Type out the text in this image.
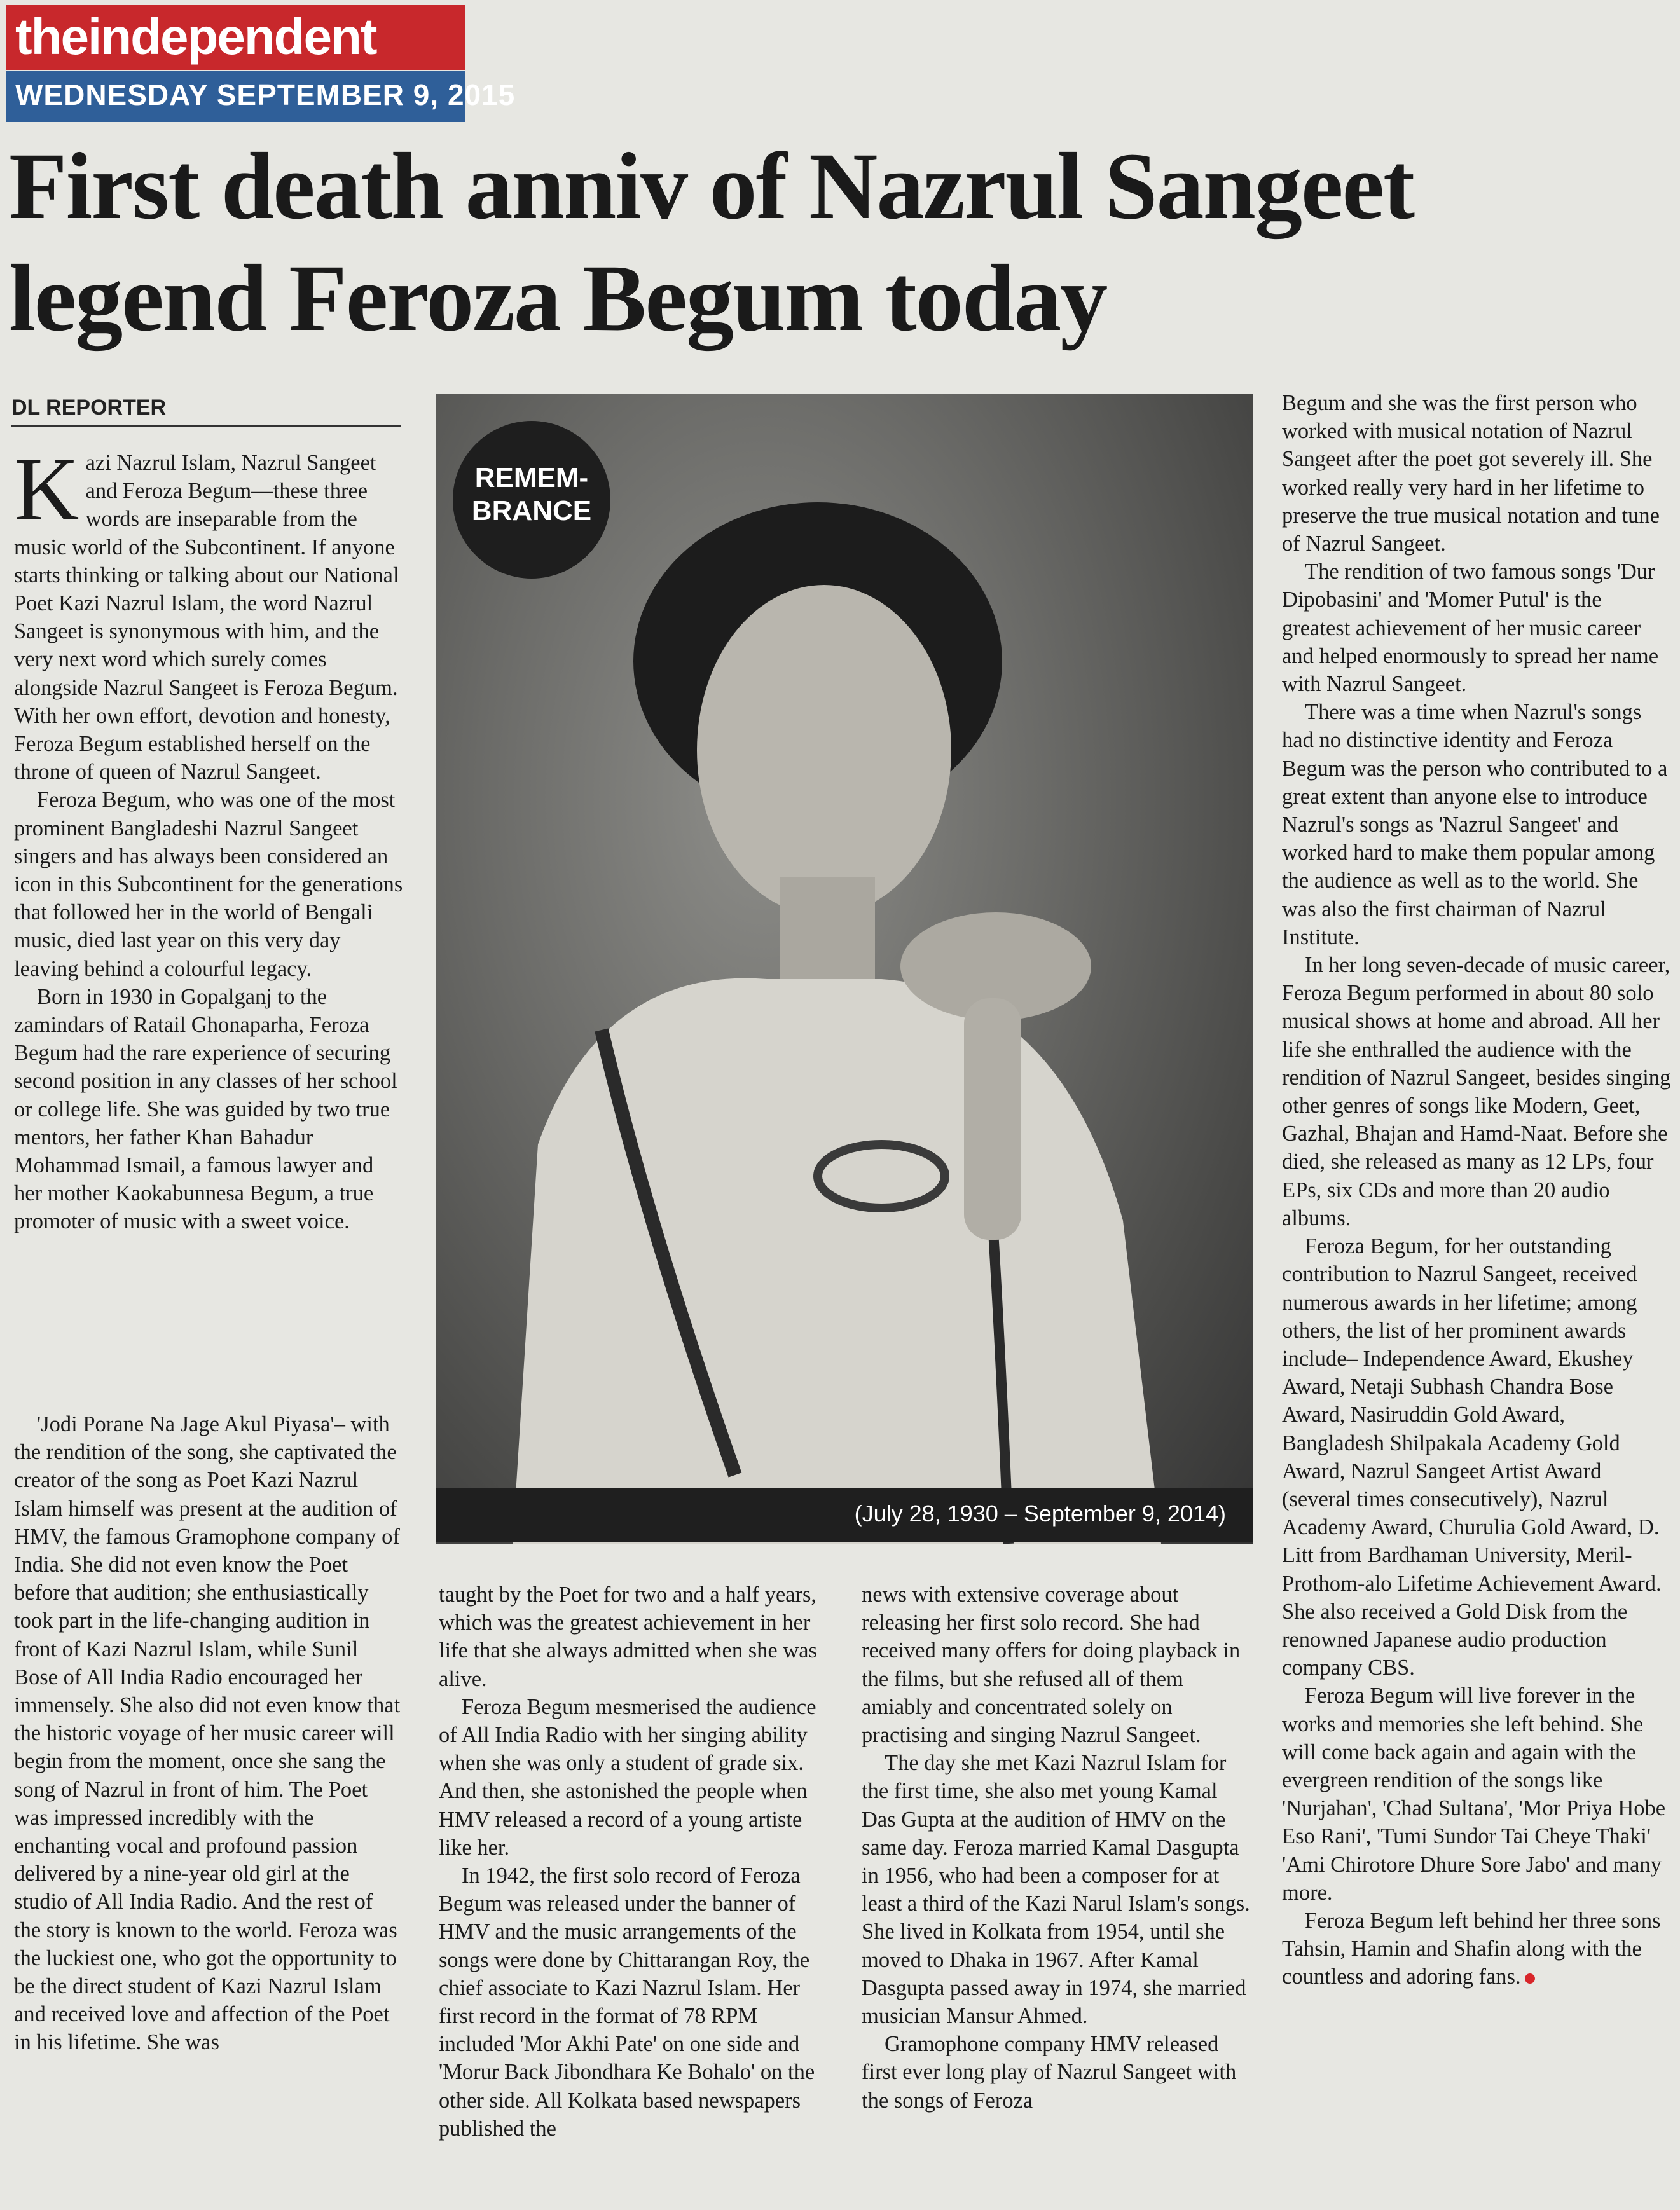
theindependent
WEDNESDAY SEPTEMBER 9, 2015
First death anniv of Nazrul Sangeet
legend Feroza Begum today
DL REPORTER

Kazi Nazrul Islam, Nazrul Sangeet and Feroza Begum—these three words are inseparable from the music world of the Subcontinent. If anyone starts thinking or talking about our National Poet Kazi Nazrul Islam, the word Nazrul Sangeet is synonymous with him, and the very next word which surely comes alongside Nazrul Sangeet is Feroza Begum. With her own effort, devotion and honesty, Feroza Begum established herself on the throne of queen of Nazrul Sangeet.

Feroza Begum, who was one of the most prominent Bangladeshi Nazrul Sangeet singers and has always been considered an icon in this Subcontinent for the generations that followed her in the world of Bengali music, died last year on this very day leaving behind a colourful legacy.

Born in 1930 in Gopalganj to the zamindars of Ratail Ghonaparha, Feroza Begum had the rare experience of securing second position in any classes of her school or college life. She was guided by two true mentors, her father Khan Bahadur Mohammad Ismail, a famous lawyer and her mother Kaokabunnesa Begum, a true promoter of music with a sweet voice.

'Jodi Porane Na Jage Akul Piyasa'– with the rendition of the song, she captivated the creator of the song as Poet Kazi Nazrul Islam himself was present at the audition of HMV, the famous Gramophone company of India. She did not even know the Poet before that audition; she enthusiastically took part in the life-changing audition in front of Kazi Nazrul Islam, while Sunil Bose of All India Radio encouraged her immensely. She also did not even know that the historic voyage of her music career will begin from the moment, once she sang the song of Nazrul in front of him. The Poet was impressed incredibly with the enchanting vocal and profound passion delivered by a nine-year old girl at the studio of All India Radio. And the rest of the story is known to the world. Feroza was the luckiest one, who got the opportunity to be the direct student of Kazi Nazrul Islam and received love and affection of the Poet in his lifetime. She was

REMEM-
BRANCE
(July 28, 1930 – September 9, 2014)

taught by the Poet for two and a half years, which was the greatest achievement in her life that she always admitted when she was alive.

Feroza Begum mesmerised the audience of All India Radio with her singing ability when she was only a student of grade six. And then, she astonished the people when HMV released a record of a young artiste like her.

In 1942, the first solo record of Feroza Begum was released under the banner of HMV and the music arrangements of the songs were done by Chittarangan Roy, the chief associate to Kazi Nazrul Islam. Her first record in the format of 78 RPM included 'Mor Akhi Pate' on one side and 'Morur Back Jibondhara Ke Bohalo' on the other side. All Kolkata based newspapers published the

news with extensive coverage about releasing her first solo record. She had received many offers for doing playback in the films, but she refused all of them amiably and concentrated solely on practising and singing Nazrul Sangeet.

The day she met Kazi Nazrul Islam for the first time, she also met young Kamal Das Gupta at the audition of HMV on the same day. Feroza married Kamal Dasgupta in 1956, who had been a composer for at least a third of the Kazi Narul Islam's songs. She lived in Kolkata from 1954, until she moved to Dhaka in 1967. After Kamal Dasgupta passed away in 1974, she married musician Mansur Ahmed.

Gramophone company HMV released first ever long play of Nazrul Sangeet with the songs of Feroza

Begum and she was the first person who worked with musical notation of Nazrul Sangeet after the poet got severely ill. She worked really very hard in her lifetime to preserve the true musical notation and tune of Nazrul Sangeet.

The rendition of two famous songs 'Dur Dipobasini' and 'Momer Putul' is the greatest achievement of her music career and helped enormously to spread her name with Nazrul Sangeet.

There was a time when Nazrul's songs had no distinctive identity and Feroza Begum was the person who contributed to a great extent than anyone else to introduce Nazrul's songs as 'Nazrul Sangeet' and worked hard to make them popular among the audience as well as to the world. She was also the first chairman of Nazrul Institute.

In her long seven-decade of music career, Feroza Begum performed in about 80 solo musical shows at home and abroad. All her life she enthralled the audience with the rendition of Nazrul Sangeet, besides singing other genres of songs like Modern, Geet, Gazhal, Bhajan and Hamd-Naat. Before she died, she released as many as 12 LPs, four EPs, six CDs and more than 20 audio albums.

Feroza Begum, for her outstanding contribution to Nazrul Sangeet, received numerous awards in her lifetime; among others, the list of her prominent awards include– Independence Award, Ekushey Award, Netaji Subhash Chandra Bose Award, Nasiruddin Gold Award, Bangladesh Shilpakala Academy Gold Award, Nazrul Sangeet Artist Award (several times consecutively), Nazrul Academy Award, Churulia Gold Award, D. Litt from Bardhaman University, Meril-Prothom-alo Lifetime Achievement Award. She also received a Gold Disk from the renowned Japanese audio production company CBS.

Feroza Begum will live forever in the works and memories she left behind. She will come back again and again with the evergreen rendition of the songs like 'Nurjahan', 'Chad Sultana', 'Mor Priya Hobe Eso Rani', 'Tumi Sundor Tai Cheye Thaki' 'Ami Chirotore Dhure Sore Jabo' and many more.

Feroza Begum left behind her three sons Tahsin, Hamin and Shafin along with the countless and adoring fans.
